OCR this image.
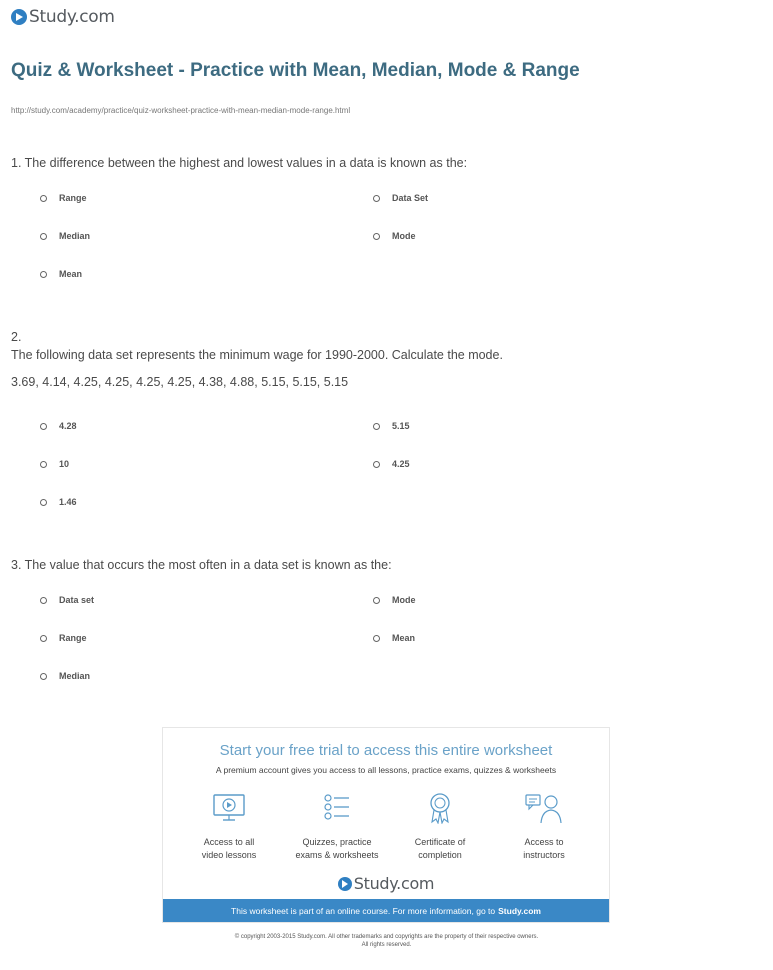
Study.com
Quiz & Worksheet - Practice with Mean, Median, Mode & Range
http://study.com/academy/practice/quiz-worksheet-practice-with-mean-median-mode-range.html
1. The difference between the highest and lowest values in a data is known as the:
Range	Data Set
Median	Mode
Mean
2.
The following data set represents the minimum wage for 1990-2000. Calculate the mode.
3.69, 4.14, 4.25, 4.25, 4.25, 4.25, 4.38, 4.88, 5.15, 5.15, 5.15
4.28	5.15
10	4.25
1.46
3. The value that occurs the most often in a data set is known as the:
Data set	Mode
Range	Mean
Median
Start your free trial to access this entire worksheet
A premium account gives you access to all lessons, practice exams, quizzes & worksheets
Access to all
video lessons
Quizzes, practice
exams & worksheets
Certificate of
completion
Access to
instructors
Study.com
This worksheet is part of an online course. For more information, go to Study.com
© copyright 2003-2015 Study.com. All other trademarks and copyrights are the property of their respective owners.
All rights reserved.
